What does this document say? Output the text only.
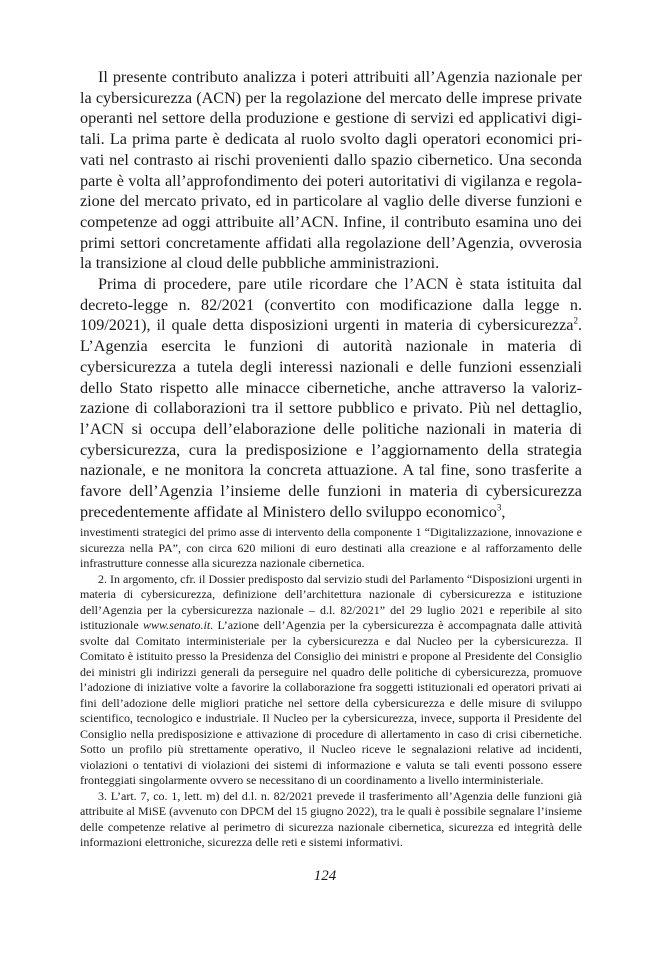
Il presente contributo analizza i poteri attribuiti all’Agenzia nazionale per la cybersicurezza (ACN) per la regolazione del mercato delle imprese private operanti nel settore della produzione e gestione di servizi ed applicativi digitali. La prima parte è dedicata al ruolo svolto dagli operatori economici privati nel contrasto ai rischi provenienti dallo spazio cibernetico. Una seconda parte è volta all’approfondimento dei poteri autoritativi di vigilanza e regolazione del mercato privato, ed in particolare al vaglio delle diverse funzioni e competenze ad oggi attribuite all’ACN. Infine, il contributo esamina uno dei primi settori concretamente affidati alla regolazione dell’Agenzia, ovverosia la transizione al cloud delle pubbliche amministrazioni.

Prima di procedere, pare utile ricordare che l’ACN è stata istituita dal decreto-legge n. 82/2021 (convertito con modificazione dalla legge n. 109/2021), il quale detta disposizioni urgenti in materia di cybersicurezza$^2$. L’Agenzia esercita le funzioni di autorità nazionale in materia di cybersicurezza a tutela degli interessi nazionali e delle funzioni essenziali dello Stato rispetto alle minacce cibernetiche, anche attraverso la valorizzazione di collaborazioni tra il settore pubblico e privato. Più nel dettaglio, l’ACN si occupa dell’elaborazione delle politiche nazionali in materia di cybersicurezza, cura la predisposizione e l’aggiornamento della strategia nazionale, e ne monitora la concreta attuazione. A tal fine, sono trasferite a favore dell’Agenzia l’insieme delle funzioni in materia di cybersicurezza precedentemente affidate al Ministero dello sviluppo economico$^3$,

investimenti strategici del primo asse di intervento della componente 1 “Digitalizzazione, innovazione e sicurezza nella PA”, con circa 620 milioni di euro destinati alla creazione e al rafforzamento delle infrastrutture connesse alla sicurezza nazionale cibernetica.

2. In argomento, cfr. il Dossier predisposto dal servizio studi del Parlamento “Disposizioni urgenti in materia di cybersicurezza, definizione dell’architettura nazionale di cybersicurezza e istituzione dell’Agenzia per la cybersicurezza nazionale – d.l. 82/2021” del 29 luglio 2021 e reperibile al sito istituzionale www.senato.it. L’azione dell’Agenzia per la cybersicurezza è accompagnata dalle attività svolte dal Comitato interministeriale per la cybersicurezza e dal Nucleo per la cybersicurezza. Il Comitato è istituito presso la Presidenza del Consiglio dei ministri e propone al Presidente del Consiglio dei ministri gli indirizzi generali da perseguire nel quadro delle politiche di cybersicurezza, promuove l’adozione di iniziative volte a favorire la collaborazione fra soggetti istituzionali ed operatori privati ai fini dell’adozione delle migliori pratiche nel settore della cybersicurezza e delle misure di sviluppo scientifico, tecnologico e industriale. Il Nucleo per la cybersicurezza, invece, supporta il Presidente del Consiglio nella predisposizione e attivazione di procedure di allertamento in caso di crisi cibernetiche. Sotto un profilo più strettamente operativo, il Nucleo riceve le segnalazioni relative ad incidenti, violazioni o tentativi di violazioni dei sistemi di informazione e valuta se tali eventi possono essere fronteggiati singolarmente ovvero se necessitano di un coordinamento a livello interministeriale.

3. L’art. 7, co. 1, lett. m) del d.l. n. 82/2021 prevede il trasferimento all’Agenzia delle funzioni già attribuite al MiSE (avvenuto con DPCM del 15 giugno 2022), tra le quali è possibile segnalare l’insieme delle competenze relative al perimetro di sicurezza nazionale cibernetica, sicurezza ed integrità delle informazioni elettroniche, sicurezza delle reti e sistemi informativi.

124
